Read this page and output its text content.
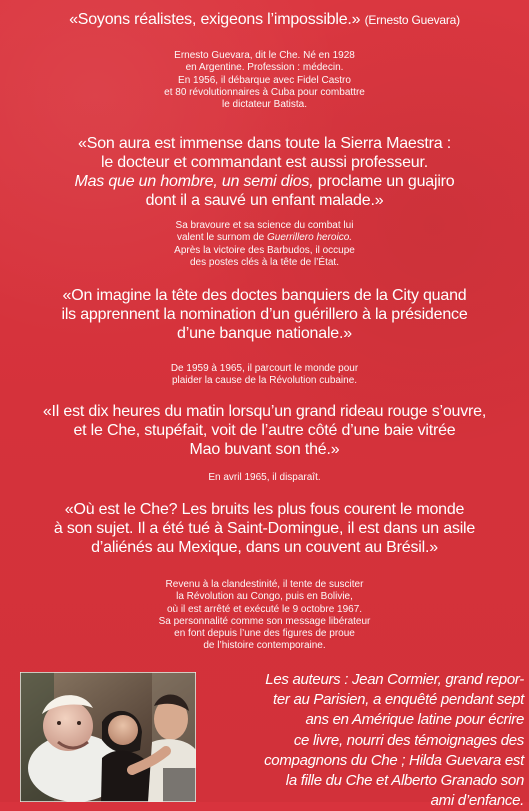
«Soyons réalistes, exigeons l’impossible.» (Ernesto Guevara)
Ernesto Guevara, dit le Che. Né en 1928
en Argentine. Profession : médecin.
En 1956, il débarque avec Fidel Castro
et 80 révolutionnaires à Cuba pour combattre
le dictateur Batista.
«Son aura est immense dans toute la Sierra Maestra :
le docteur et commandant est aussi professeur.
Mas que un hombre, un semi dios, proclame un guajiro
dont il a sauvé un enfant malade.»
Sa bravoure et sa science du combat lui
valent le surnom de Guerrillero heroico.
Après la victoire des Barbudos, il occupe
des postes clés à la tête de l’État.
«On imagine la tête des doctes banquiers de la City quand
ils apprennent la nomination d’un guérillero à la présidence
d’une banque nationale.»
De 1959 à 1965, il parcourt le monde pour
plaider la cause de la Révolution cubaine.
«Il est dix heures du matin lorsqu’un grand rideau rouge s’ouvre,
et le Che, stupéfait, voit de l’autre côté d’une baie vitrée
Mao buvant son thé.»
En avril 1965, il disparaît.
«Où est le Che? Les bruits les plus fous courent le monde
à son sujet. Il a été tué à Saint-Domingue, il est dans un asile
d’aliénés au Mexique, dans un couvent au Brésil.»
Revenu à la clandestinité, il tente de susciter
la Révolution au Congo, puis en Bolivie,
où il est arrêté et exécuté le 9 octobre 1967.
Sa personnalité comme son message libérateur
en font depuis l’une des figures de proue
de l’histoire contemporaine.
Les auteurs : Jean Cormier, grand repor-
ter au Parisien, a enquêté pendant sept
ans en Amérique latine pour écrire
ce livre, nourri des témoignages des
compagnons du Che ; Hilda Guevara est
la fille du Che et Alberto Granado son
ami d’enfance.
